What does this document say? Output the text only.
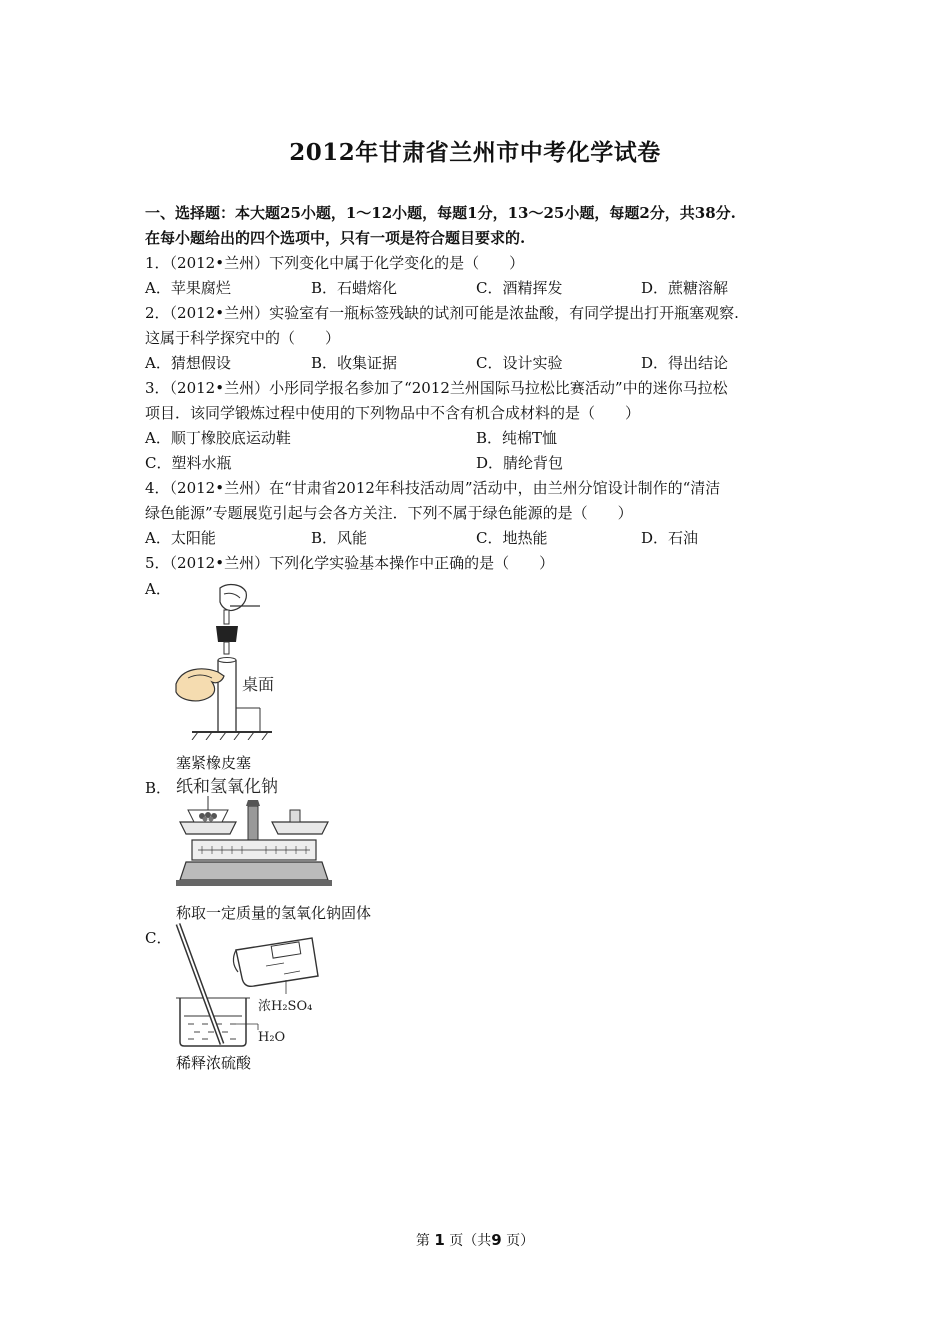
2012年甘肃省兰州市中考化学试卷
一、选择题：本大题25小题，1～12小题，每题1分，13～25小题，每题2分，共38分.
在每小题给出的四个选项中，只有一项是符合题目要求的.
1．（2012•兰州）下列变化中属于化学变化的是（　　）
A．苹果腐烂	B．石蜡熔化	C．酒精挥发	D．蔗糖溶解
2．（2012•兰州）实验室有一瓶标签残缺的试剂可能是浓盐酸，有同学提出打开瓶塞观察.
这属于科学探究中的（　　）
A．猜想假设	B．收集证据	C．设计实验	D．得出结论
3．（2012•兰州）小彤同学报名参加了“2012兰州国际马拉松比赛活动”中的迷你马拉松
项目．该同学锻炼过程中使用的下列物品中不含有机合成材料的是（　　）
A．顺丁橡胶底运动鞋	B．纯棉T恤
C．塑料水瓶	D．腈纶背包
4．（2012•兰州）在“甘肃省2012年科技活动周”活动中，由兰州分馆设计制作的“清洁
绿色能源”专题展览引起与会各方关注．下列不属于绿色能源的是（　　）
A．太阳能	B．风能	C．地热能	D．石油
5．（2012•兰州）下列化学实验基本操作中正确的是（　　）
A．
桌面
塞紧橡皮塞
B． 纸和氢氧化钠
称取一定质量的氢氧化钠固体
C．
浓H₂SO₄
H₂O
稀释浓硫酸
第 1 页（共9 页）
